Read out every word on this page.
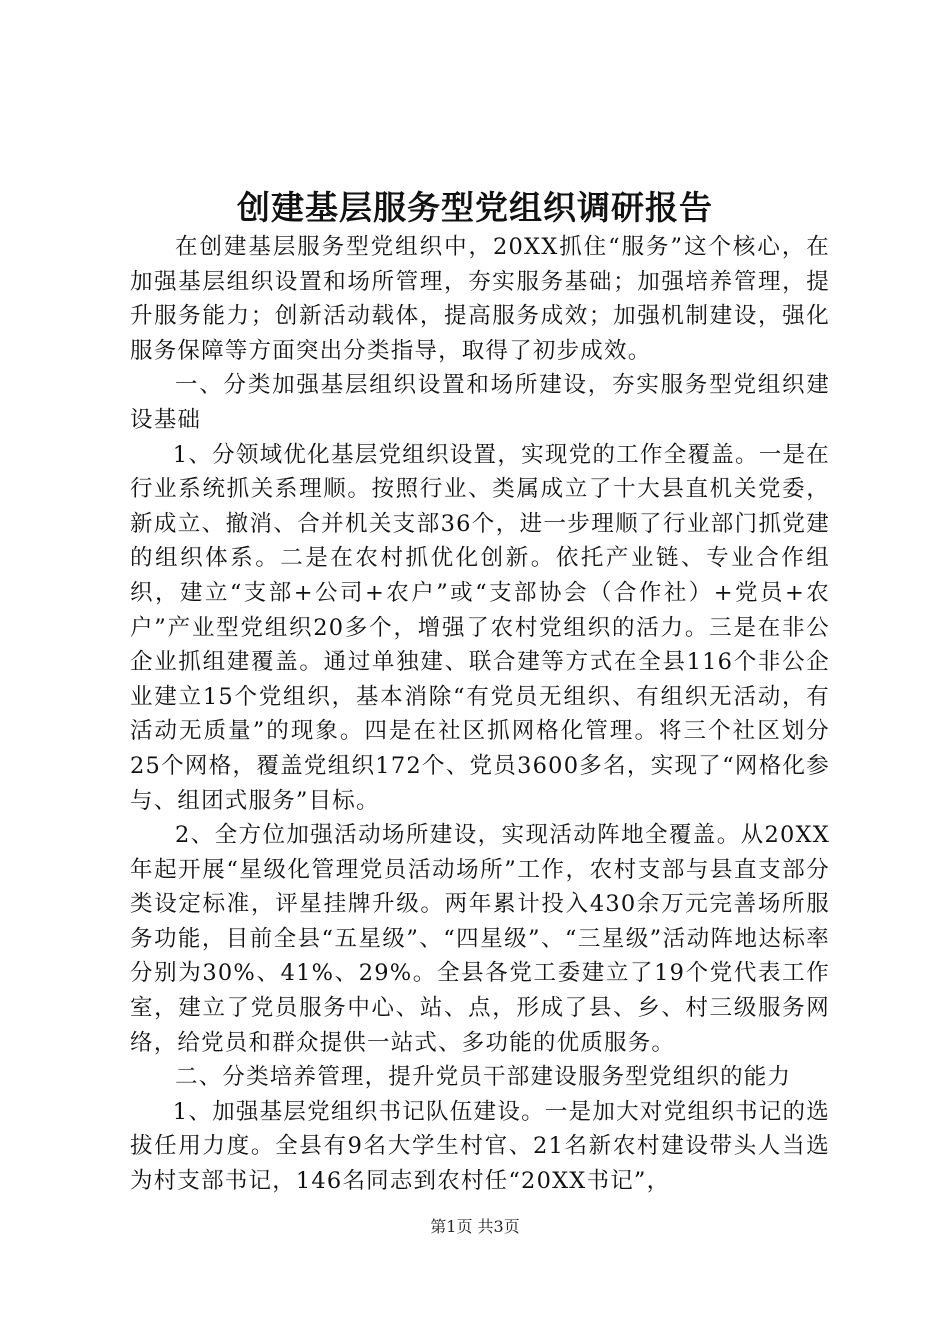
创建基层服务型党组织调研报告

在创建基层服务型党组织中，20XX抓住“服务”这个核心，在加强基层组织设置和场所管理，夯实服务基础；加强培养管理，提升服务能力；创新活动载体，提高服务成效；加强机制建设，强化服务保障等方面突出分类指导，取得了初步成效。

一、分类加强基层组织设置和场所建设，夯实服务型党组织建设基础

1、分领域优化基层党组织设置，实现党的工作全覆盖。一是在行业系统抓关系理顺。按照行业、类属成立了十大县直机关党委，新成立、撤消、合并机关支部36个，进一步理顺了行业部门抓党建的组织体系。二是在农村抓优化创新。依托产业链、专业合作组织，建立“支部+公司+农户”或“支部协会（合作社）+党员+农户”产业型党组织20多个，增强了农村党组织的活力。三是在非公企业抓组建覆盖。通过单独建、联合建等方式在全县116个非公企业建立15个党组织，基本消除“有党员无组织、有组织无活动，有活动无质量”的现象。四是在社区抓网格化管理。将三个社区划分25个网格，覆盖党组织172个、党员3600多名，实现了“网格化参与、组团式服务”目标。

2、全方位加强活动场所建设，实现活动阵地全覆盖。从20XX年起开展“星级化管理党员活动场所”工作，农村支部与县直支部分类设定标准，评星挂牌升级。两年累计投入430余万元完善场所服务功能，目前全县“五星级”、“四星级”、“三星级”活动阵地达标率分别为30%、41%、29%。全县各党工委建立了19个党代表工作室，建立了党员服务中心、站、点，形成了县、乡、村三级服务网络，给党员和群众提供一站式、多功能的优质服务。

二、分类培养管理，提升党员干部建设服务型党组织的能力

1、加强基层党组织书记队伍建设。一是加大对党组织书记的选拔任用力度。全县有9名大学生村官、21名新农村建设带头人当选为村支部书记，146名同志到农村任“20XX书记”，

第1页 共3页
